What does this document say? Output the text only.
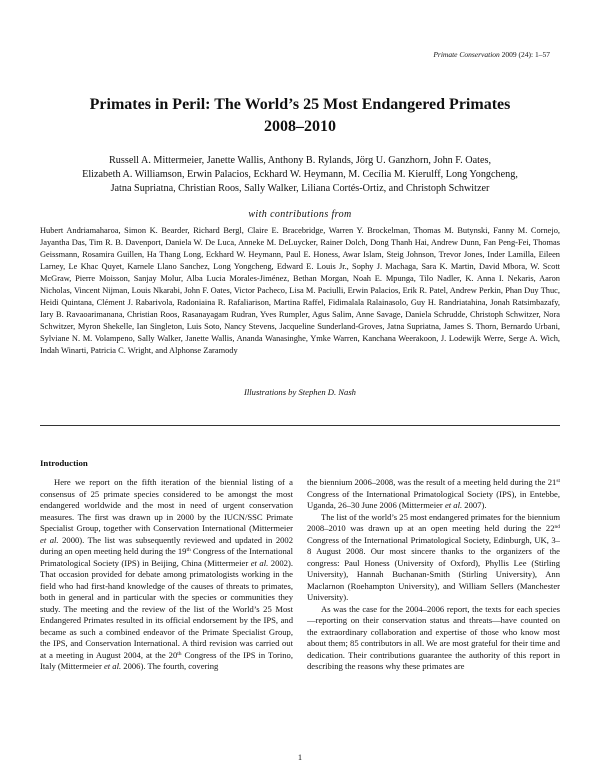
Primate Conservation 2009 (24): 1–57
Primates in Peril: The World’s 25 Most Endangered Primates
2008–2010
Russell A. Mittermeier, Janette Wallis, Anthony B. Rylands, Jörg U. Ganzhorn, John F. Oates,
Elizabeth A. Williamson, Erwin Palacios, Eckhard W. Heymann, M. Cecília M. Kierulff, Long Yongcheng,
Jatna Supriatna, Christian Roos, Sally Walker, Liliana Cortés-Ortiz, and Christoph Schwitzer
with contributions from
Hubert Andriamaharoa, Simon K. Bearder, Richard Bergl, Claire E. Bracebridge, Warren Y. Brockelman, Thomas M. Butynski, Fanny M. Cornejo, Jayantha Das, Tim R. B. Davenport, Daniela W. De Luca, Anneke M. DeLuycker, Rainer Dolch, Dong Thanh Hai, Andrew Dunn, Fan Peng-Fei, Thomas Geissmann, Rosamira Guillen, Ha Thang Long, Eckhard W. Heymann, Paul E. Honess, Awar Islam, Steig Johnson, Trevor Jones, Inder Lamilla, Eileen Larney, Le Khac Quyet, Karnele Llano Sanchez, Long Yongcheng, Edward E. Louis Jr., Sophy J. Machaga, Sara K. Martin, David Mbora, W. Scott McGraw, Pierre Moisson, Sanjay Molur, Alba Lucia Morales-Jiménez, Bethan Morgan, Noah E. Mpunga, Tilo Nadler, K. Anna I. Nekaris, Aaron Nicholas, Vincent Nijman, Louis Nkarabi, John F. Oates, Victor Pacheco, Lisa M. Paciulli, Erwin Palacios, Erik R. Patel, Andrew Perkin, Phan Duy Thuc, Heidi Quintana, Clément J. Rabarivola, Radoniaina R. Rafaliarison, Martina Raffel, Fidimalala Ralainasolo, Guy H. Randriatahina, Jonah Ratsimbazafy, Iary B. Ravaoarimanana, Christian Roos, Rasanayagam Rudran, Yves Rumpler, Agus Salim, Anne Savage, Daniela Schrudde, Christoph Schwitzer, Nora Schwitzer, Myron Shekelle, Ian Singleton, Luis Soto, Nancy Stevens, Jacqueline Sunderland-Groves, Jatna Supriatna, James S. Thorn, Bernardo Urbani, Sylviane N. M. Volampeno, Sally Walker, Janette Wallis, Ananda Wanasinghe, Ymke Warren, Kanchana Weerakoon, J. Lodewijk Werre, Serge A. Wich, Indah Winarti, Patricia C. Wright, and Alphonse Zaramody
Illustrations by Stephen D. Nash
Introduction

Here we report on the fifth iteration of the biennial listing of a consensus of 25 primate species considered to be amongst the most endangered worldwide and the most in need of urgent conservation measures. The first was drawn up in 2000 by the IUCN/SSC Primate Specialist Group, together with Conservation International (Mittermeier et al. 2000). The list was subsequently reviewed and updated in 2002 during an open meeting held during the 19th Congress of the International Primatological Society (IPS) in Beijing, China (Mittermeier et al. 2002). That occasion provided for debate among primatologists working in the field who had first-hand knowledge of the causes of threats to primates, both in general and in particular with the species or communities they study. The meeting and the review of the list of the World’s 25 Most Endangered Primates resulted in its official endorsement by the IPS, and became as such a combined endeavor of the Primate Specialist Group, the IPS, and Conservation International. A third revision was carried out at a meeting in August 2004, at the 20th Congress of the IPS in Torino, Italy (Mittermeier et al. 2006). The fourth, covering

the biennium 2006–2008, was the result of a meeting held during the 21st Congress of the International Primatological Society (IPS), in Entebbe, Uganda, 26–30 June 2006 (Mittermeier et al. 2007).

The list of the world’s 25 most endangered primates for the biennium 2008–2010 was drawn up at an open meeting held during the 22nd Congress of the International Primatological Society, Edinburgh, UK, 3–8 August 2008. Our most sincere thanks to the organizers of the congress: Paul Honess (University of Oxford), Phyllis Lee (Stirling University), Hannah Buchanan-Smith (Stirling University), Ann Maclarnon (Roehampton University), and William Sellers (Manchester University).

As was the case for the 2004–2006 report, the texts for each species—reporting on their conservation status and threats—have counted on the extraordinary collaboration and expertise of those who know most about them; 85 contributors in all. We are most grateful for their time and dedication. Their contributions guarantee the authority of this report in describing the reasons why these primates are

1
